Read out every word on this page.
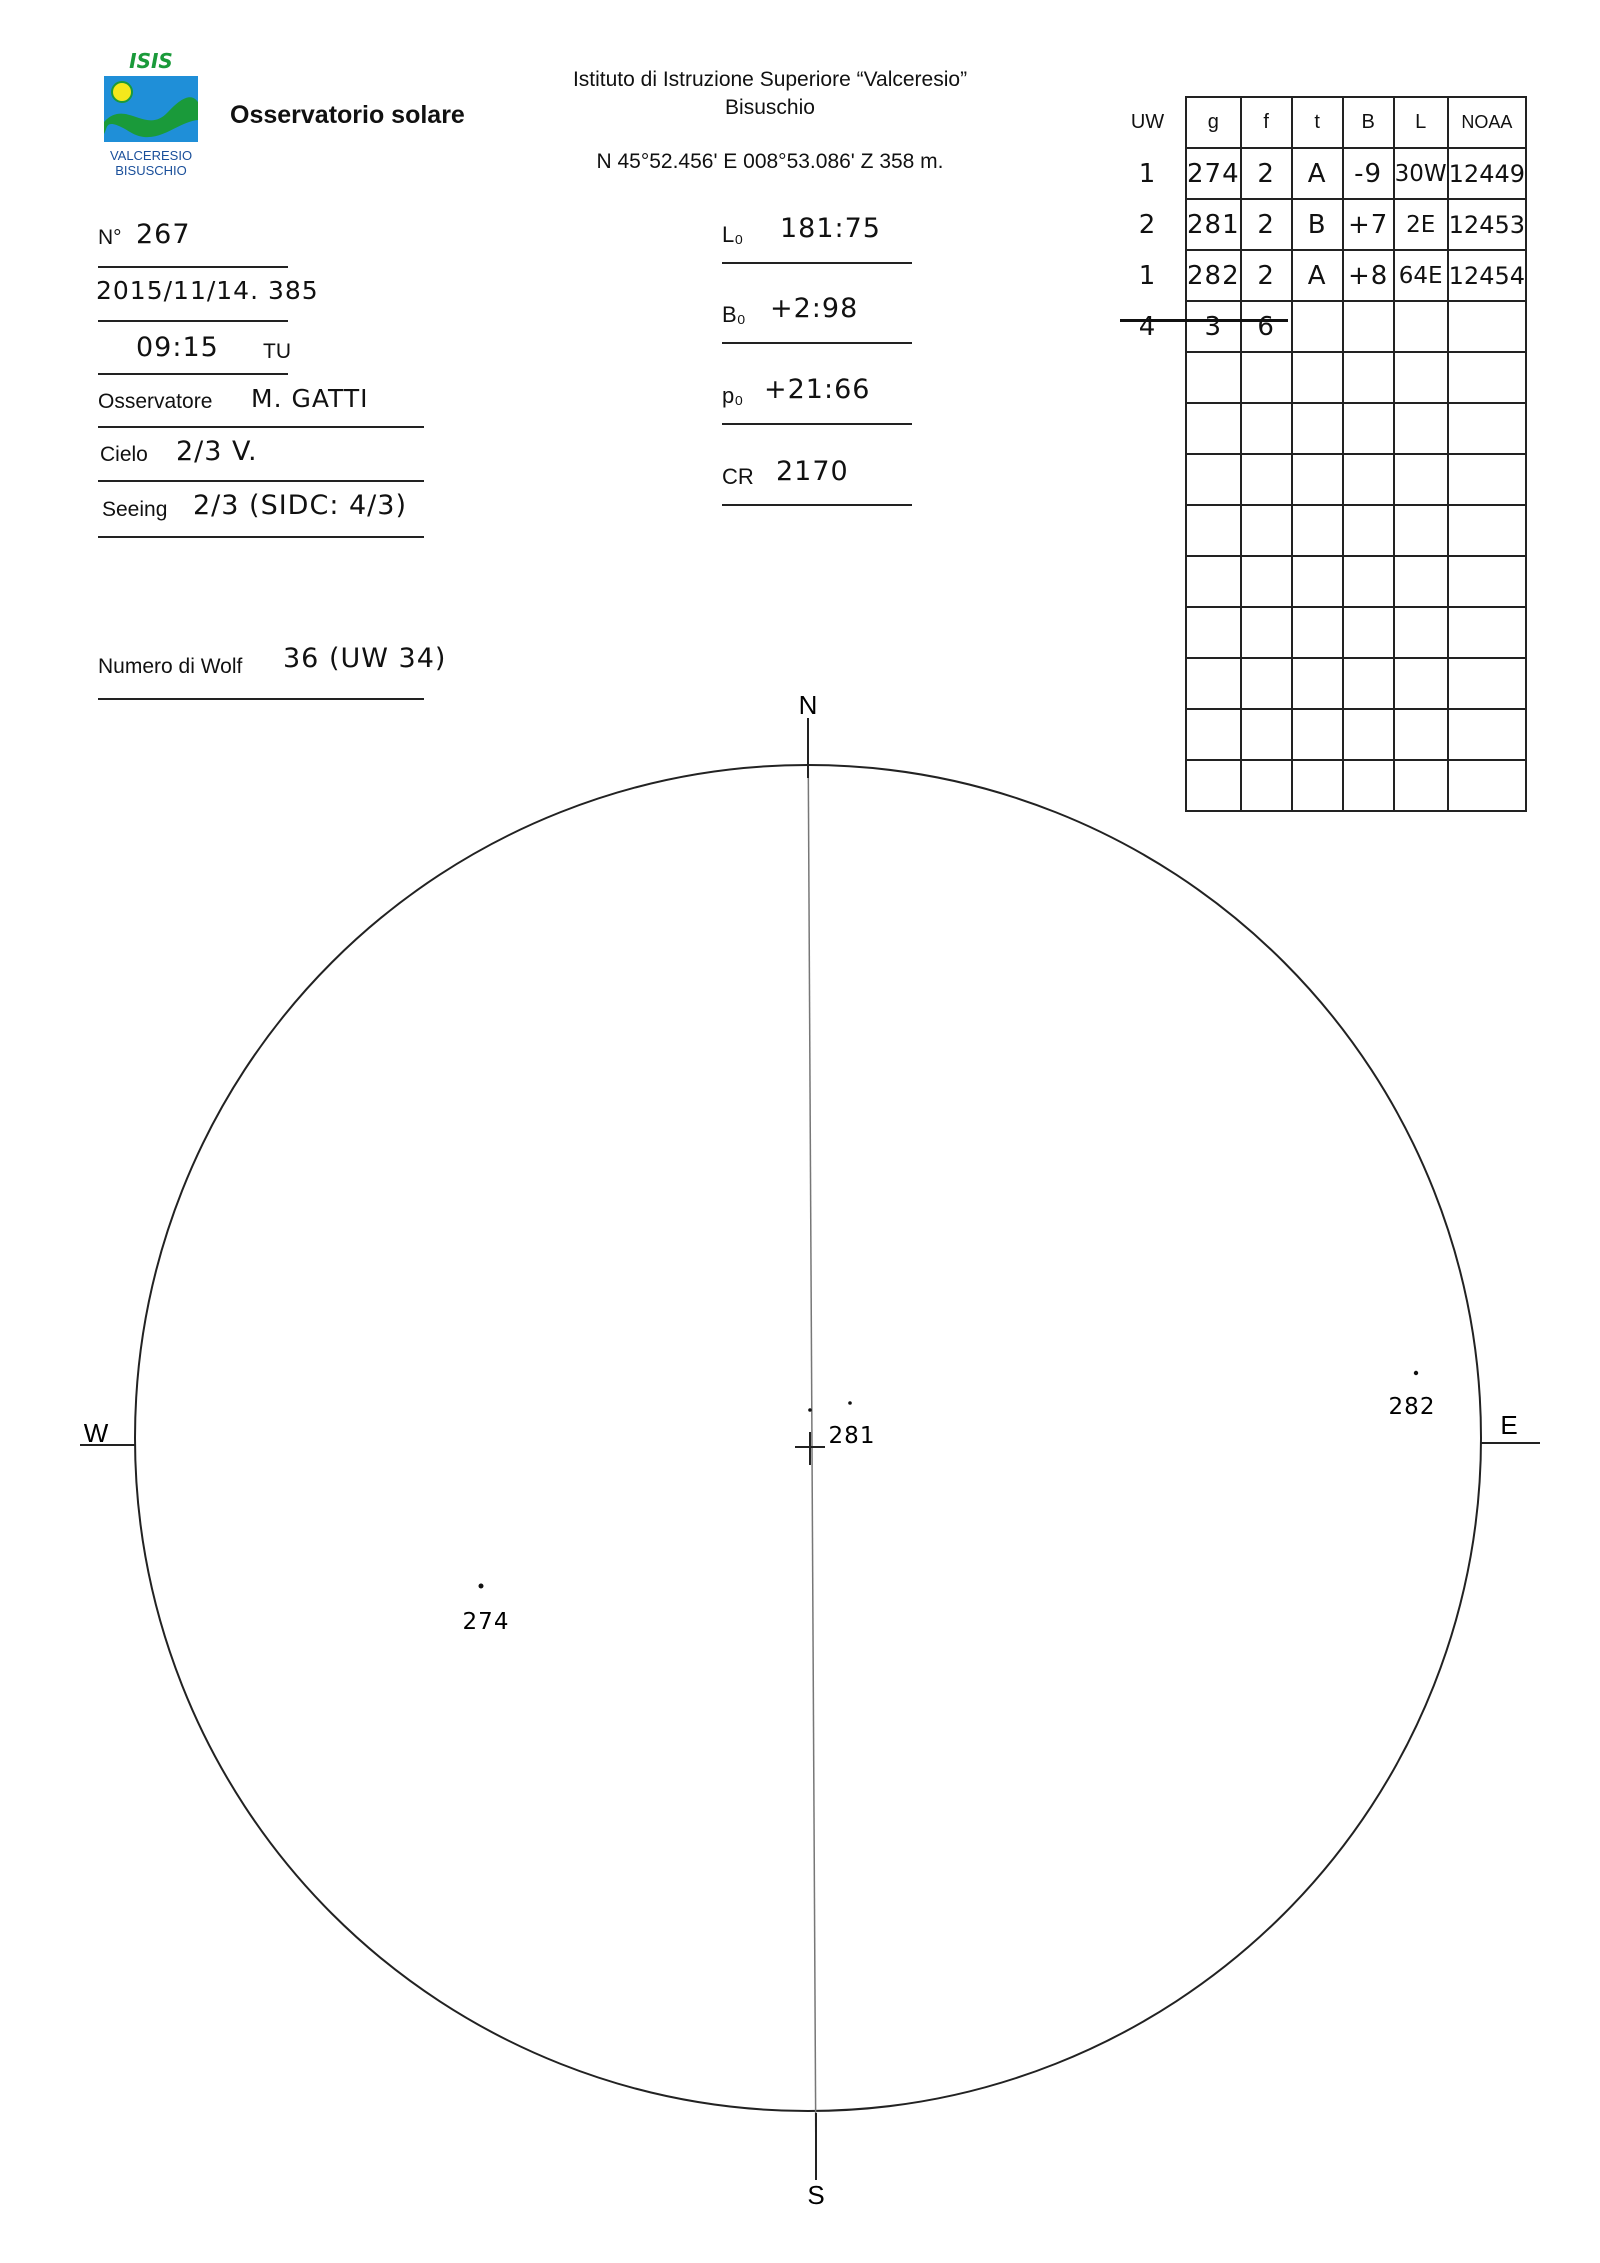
ISIS
VALCERESIO
BISUSCHIO
Osservatorio solare
Istituto di Istruzione Superiore “Valceresio”
Bisuschio
N 45°52.456' E 008°53.086' Z 358 m.
N° 267
2015/11/14. 385
09:15 TU
Osservatore M. GATTI
Cielo 2/3 V.
Seeing 2/3 (SIDC: 4/3)
Numero di Wolf 36 (UW 34)
L₀ 181:75
B₀ +2:98
p₀ +21:66
CR 2170
UW	g	f	t	B	L	NOAA
1	274	2	A	-9	30W	12449
2	281	2	B	+7	2E	12453
1	282	2	A	+8	64E	12454
4	3	6				

N
S
E
W
274
281
282
